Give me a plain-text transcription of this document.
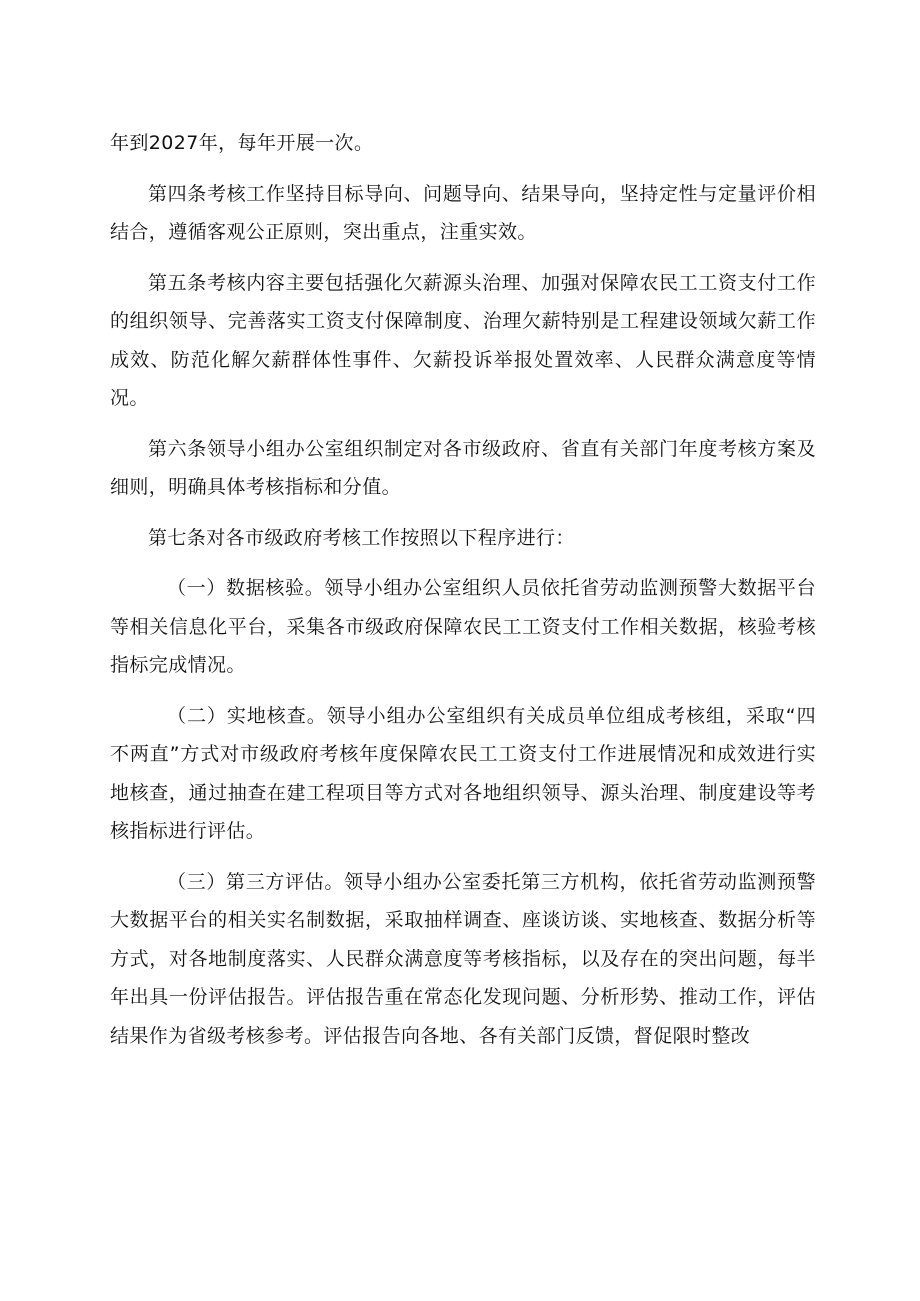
年到2027年，每年开展一次。

第四条考核工作坚持目标导向、问题导向、结果导向，坚持定性与定量评价相结合，遵循客观公正原则，突出重点，注重实效。

第五条考核内容主要包括强化欠薪源头治理、加强对保障农民工工资支付工作的组织领导、完善落实工资支付保障制度、治理欠薪特别是工程建设领域欠薪工作成效、防范化解欠薪群体性事件、欠薪投诉举报处置效率、人民群众满意度等情况。

第六条领导小组办公室组织制定对各市级政府、省直有关部门年度考核方案及细则，明确具体考核指标和分值。

第七条对各市级政府考核工作按照以下程序进行：

（一）数据核验。领导小组办公室组织人员依托省劳动监测预警大数据平台等相关信息化平台，采集各市级政府保障农民工工资支付工作相关数据，核验考核指标完成情况。

（二）实地核查。领导小组办公室组织有关成员单位组成考核组，采取“四不两直”方式对市级政府考核年度保障农民工工资支付工作进展情况和成效进行实地核查，通过抽查在建工程项目等方式对各地组织领导、源头治理、制度建设等考核指标进行评估。

（三）第三方评估。领导小组办公室委托第三方机构，依托省劳动监测预警大数据平台的相关实名制数据，采取抽样调查、座谈访谈、实地核查、数据分析等方式，对各地制度落实、人民群众满意度等考核指标，以及存在的突出问题，每半年出具一份评估报告。评估报告重在常态化发现问题、分析形势、推动工作，评估结果作为省级考核参考。评估报告向各地、各有关部门反馈，督促限时整改
